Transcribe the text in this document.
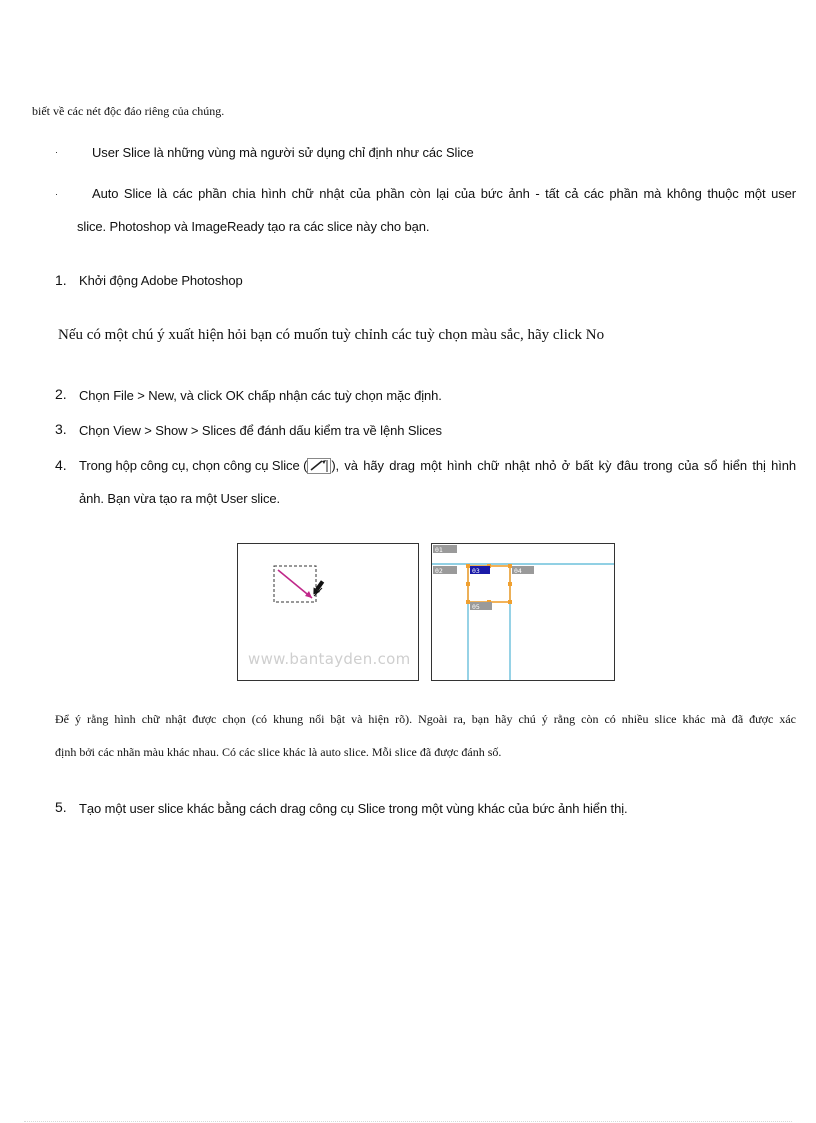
biết về các nét độc đáo riêng của chúng.
·	User Slice là những vùng mà người sử dụng chỉ định như các Slice
·	Auto Slice là các phần chia hình chữ nhật của phần còn lại của bức ảnh - tất cả các phần mà không thuộc một user
slice. Photoshop và ImageReady tạo ra các slice này cho bạn.
1. Khởi động Adobe Photoshop
Nếu có một chú ý xuất hiện hỏi bạn có muốn tuỳ chỉnh các tuỳ chọn màu sắc, hãy click No
2. Chọn File > New, và click OK chấp nhận các tuỳ chọn mặc định.
3. Chọn View > Show > Slices để đánh dấu kiểm tra về lệnh Slices
4. Trong hộp công cụ, chọn công cụ Slice ( ), và hãy drag một hình chữ nhật nhỏ ở bất kỳ đâu trong của sổ hiển thị hình
ảnh. Bạn vừa tạo ra một User slice.
www.bantayden.com
01
02	03	04
05
Để ý rằng hình chữ nhật được chọn (có khung nổi bật và hiện rõ). Ngoài ra, bạn hãy chú ý rằng còn có nhiều slice khác mà đã được xác
định bởi các nhãn màu khác nhau. Có các slice khác là auto slice. Mỗi slice đã được đánh số.
5. Tạo một user slice khác bằng cách drag công cụ Slice trong một vùng khác của bức ảnh hiển thị.
